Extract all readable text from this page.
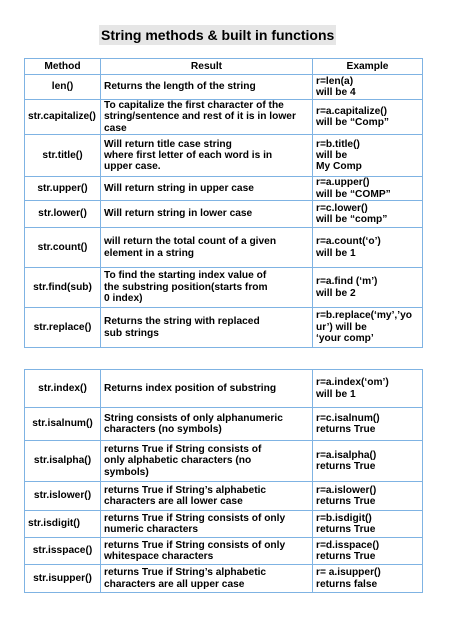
String methods & built in functions
Method	Result	Example

len()	Returns the length of the string	r=len(a)
will be 4

str.capitalize()	To capitalize the first character of the
string/sentence and rest of it is in lower
case	r=a.capitalize()
will be “Comp”

str.title()	Will return title case string
where first letter of each word is in
upper case.	r=b.title()
will be
My Comp

str.upper()	Will return string in upper case	r=a.upper()
will be “COMP”

str.lower()	Will return string in lower case	r=c.lower()
will be “comp”

str.count()	will return the total count of a given
element in a string	r=a.count(‘o’)
will be 1

str.find(sub)	To find the starting index value of
the substring position(starts from
0 index)	r=a.find (‘m’)
will be 2

str.replace()	Returns the string with replaced
sub strings	r=b.replace(‘my’,’yo
ur’) will be
‘your comp’
str.index()	Returns index position of substring	r=a.index(‘om’)
will be 1

str.isalnum()	String consists of only alphanumeric
characters (no symbols)	r=c.isalnum()
returns True

str.isalpha()	returns True if String consists of
only alphabetic characters (no
symbols)	r=a.isalpha()
returns True

str.islower()	returns True if String’s alphabetic
characters are all lower case	r=a.islower()
returns True

str.isdigit()	returns True if String consists of only
numeric characters	r=b.isdigit()
returns True

str.isspace()	returns True if String consists of only
whitespace characters	r=d.isspace()
returns True

str.isupper()	returns True if String’s alphabetic
characters are all upper case	r= a.isupper()
returns false
